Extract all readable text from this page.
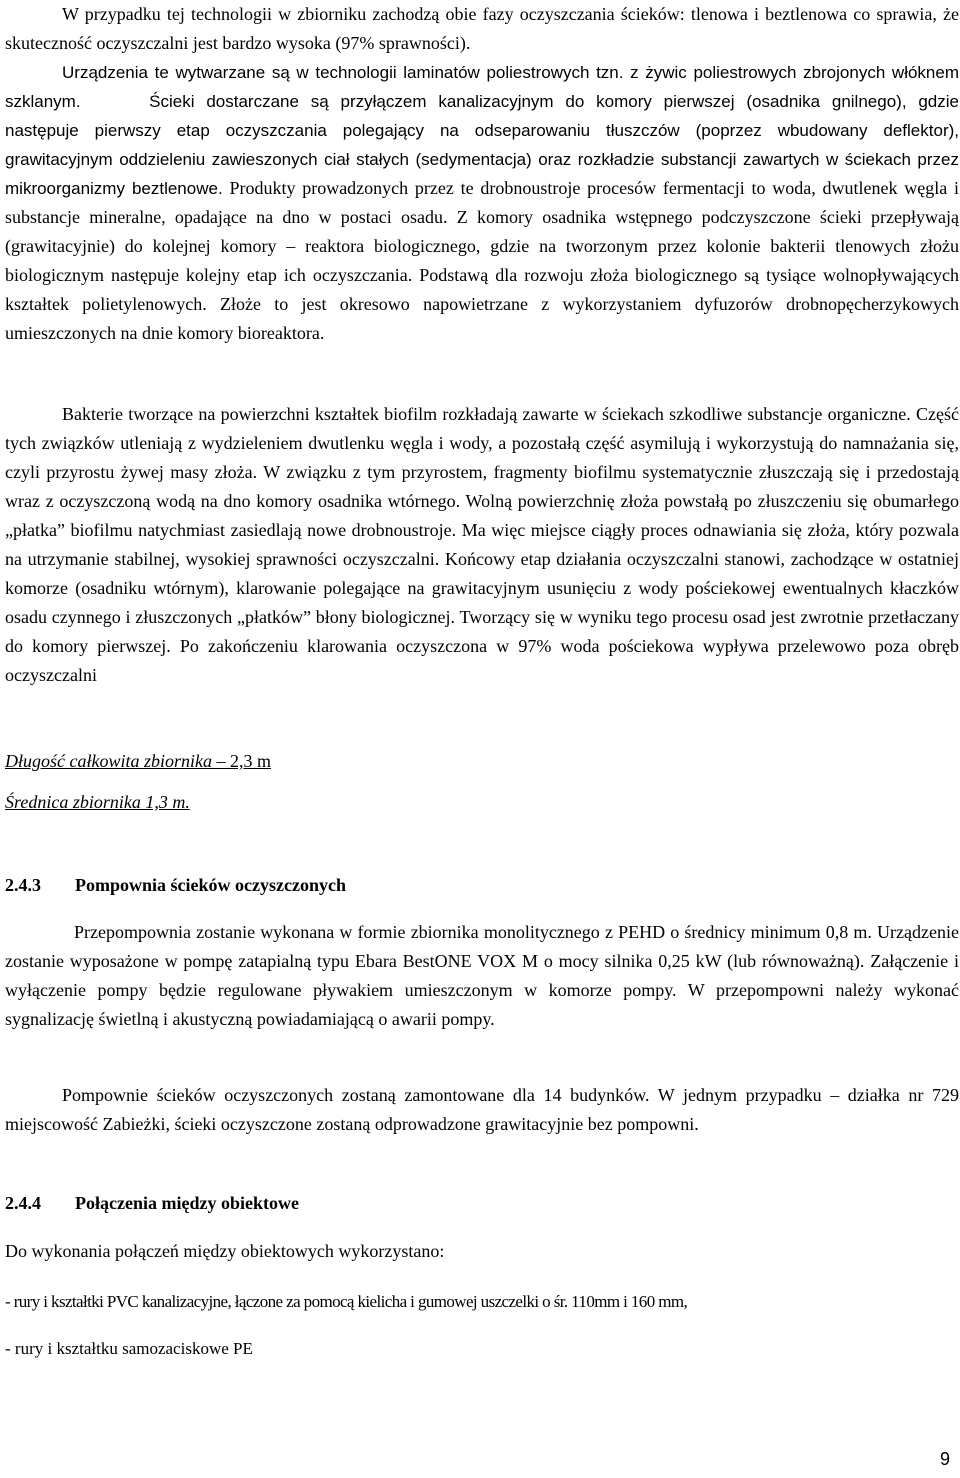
W przypadku tej technologii w zbiorniku zachodzą obie fazy oczyszczania ścieków: tlenowa i beztlenowa co sprawia, że skuteczność oczyszczalni jest bardzo wysoka (97% sprawności).
Urządzenia te wytwarzane są w technologii laminatów poliestrowych tzn. z żywic poliestrowych zbrojonych włóknem szklanym.	Ścieki dostarczane są przyłączem kanalizacyjnym do komory pierwszej (osadnika gnilnego), gdzie następuje pierwszy etap oczyszczania polegający na odseparowaniu tłuszczów (poprzez wbudowany deflektor), grawitacyjnym oddzieleniu zawieszonych ciał stałych (sedymentacja) oraz rozkładzie substancji zawartych w ściekach przez mikroorganizmy beztlenowe. Produkty prowadzonych przez te drobnoustroje procesów fermentacji to woda, dwutlenek węgla i substancje mineralne, opadające na dno w postaci osadu. Z komory osadnika wstępnego podczyszczone ścieki przepływają (grawitacyjnie) do kolejnej komory – reaktora biologicznego, gdzie na tworzonym przez kolonie bakterii tlenowych złożu biologicznym następuje kolejny etap ich oczyszczania. Podstawą dla rozwoju złoża biologicznego są tysiące wolnopływających kształtek polietylenowych. Złoże to jest okresowo napowietrzane z wykorzystaniem dyfuzorów drobnopęcherzykowych umieszczonych na dnie komory bioreaktora.

Bakterie tworzące na powierzchni kształtek biofilm rozkładają zawarte w ściekach szkodliwe substancje organiczne. Część tych związków utleniają z wydzieleniem dwutlenku węgla i wody, a pozostałą część asymilują i wykorzystują do namnażania się, czyli przyrostu żywej masy złoża. W związku z tym przyrostem, fragmenty biofilmu systematycznie złuszczają się i przedostają wraz z oczyszczoną wodą na dno komory osadnika wtórnego. Wolną powierzchnię złoża powstałą po złuszczeniu się obumarłego „płatka” biofilmu natychmiast zasiedlają nowe drobnoustroje. Ma więc miejsce ciągły proces odnawiania się złoża, który pozwala na utrzymanie stabilnej, wysokiej sprawności oczyszczalni. Końcowy etap działania oczyszczalni stanowi, zachodzące w ostatniej komorze (osadniku wtórnym), klarowanie polegające na grawitacyjnym usunięciu z wody pościekowej ewentualnych kłaczków osadu czynnego i złuszczonych „płatków” błony biologicznej. Tworzący się w wyniku tego procesu osad jest zwrotnie przetłaczany do komory pierwszej. Po zakończeniu klarowania oczyszczona w 97% woda pościekowa wypływa przelewowo poza obręb oczyszczalni

Długość całkowita zbiornika – 2,3 m

Średnica zbiornika 1,3 m.

2.4.3 Pompownia ścieków oczyszczonych

Przepompownia zostanie wykonana w formie zbiornika monolitycznego z PEHD o średnicy minimum 0,8 m. Urządzenie zostanie wyposażone w pompę zatapialną typu Ebara BestONE VOX M o mocy silnika 0,25 kW (lub równoważną). Załączenie i wyłączenie pompy będzie regulowane pływakiem umieszczonym w komorze pompy. W przepompowni należy wykonać sygnalizację świetlną i akustyczną powiadamiającą o awarii pompy.

Pompownie ścieków oczyszczonych zostaną zamontowane dla 14 budynków. W jednym przypadku – działka nr 729 miejscowość Zabieżki, ścieki oczyszczone zostaną odprowadzone grawitacyjnie bez pompowni.

2.4.4 Połączenia między obiektowe

Do wykonania połączeń między obiektowych wykorzystano:

- rury i kształtki PVC kanalizacyjne, łączone za pomocą kielicha i gumowej uszczelki o śr. 110mm i 160 mm,

- rury i kształtku samozaciskowe PE

9
